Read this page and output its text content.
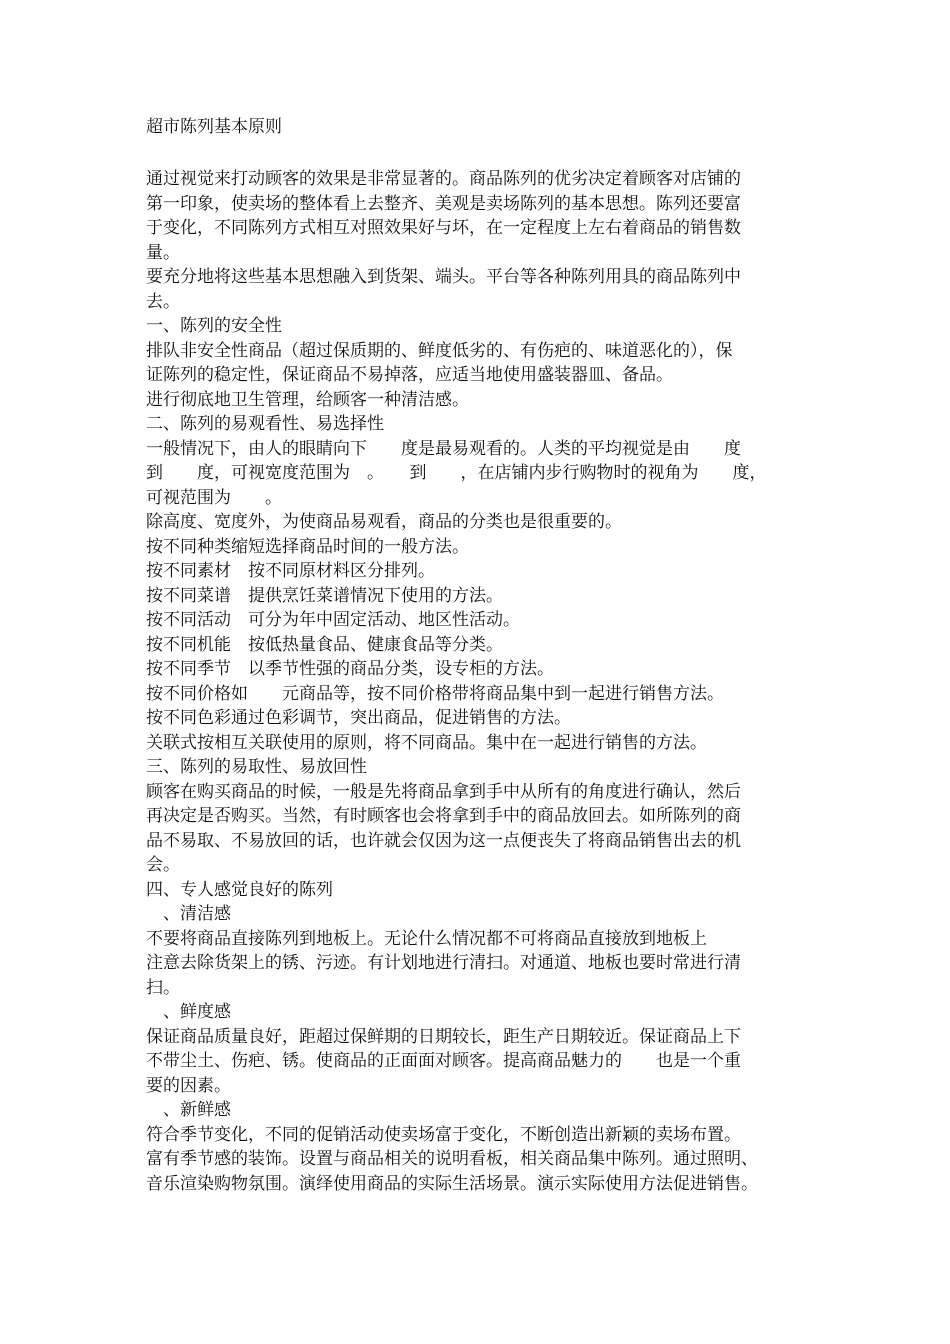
超市陈列基本原则
通过视觉来打动顾客的效果是非常显著的。商品陈列的优劣决定着顾客对店铺的
第一印象，使卖场的整体看上去整齐、美观是卖场陈列的基本思想。陈列还要富
于变化，不同陈列方式相互对照效果好与坏，在一定程度上左右着商品的销售数
量。
要充分地将这些基本思想融入到货架、端头。平台等各种陈列用具的商品陈列中
去。
一、陈列的安全性
排队非安全性商品（超过保质期的、鲜度低劣的、有伤疤的、味道恶化的），保
证陈列的稳定性，保证商品不易掉落，应适当地使用盛装器皿、备品。
进行彻底地卫生管理，给顾客一种清洁感。
二、陈列的易观看性、易选择性
一般情况下，由人的眼睛向下　　度是最易观看的。人类的平均视觉是由　　度
到　　度，可视宽度范围为　。　　到　　，在店铺内步行购物时的视角为　　度，
可视范围为　　。
除高度、宽度外，为使商品易观看，商品的分类也是很重要的。
按不同种类缩短选择商品时间的一般方法。
按不同素材　按不同原材料区分排列。
按不同菜谱　提供烹饪菜谱情况下使用的方法。
按不同活动　可分为年中固定活动、地区性活动。
按不同机能　按低热量食品、健康食品等分类。
按不同季节　以季节性强的商品分类，设专柜的方法。
按不同价格如　　元商品等，按不同价格带将商品集中到一起进行销售方法。
按不同色彩通过色彩调节，突出商品，促进销售的方法。
关联式按相互关联使用的原则，将不同商品。集中在一起进行销售的方法。
三、陈列的易取性、易放回性
顾客在购买商品的时候，一般是先将商品拿到手中从所有的角度进行确认，然后
再决定是否购买。当然，有时顾客也会将拿到手中的商品放回去。如所陈列的商
品不易取、不易放回的话，也许就会仅因为这一点便丧失了将商品销售出去的机
会。
四、专人感觉良好的陈列
　、清洁感
不要将商品直接陈列到地板上。无论什么情况都不可将商品直接放到地板上
注意去除货架上的锈、污迹。有计划地进行清扫。对通道、地板也要时常进行清
扫。
　、鲜度感
保证商品质量良好，距超过保鲜期的日期较长，距生产日期较近。保证商品上下
不带尘土、伤疤、锈。使商品的正面面对顾客。提高商品魅力的　　也是一个重
要的因素。
　、新鲜感
符合季节变化，不同的促销活动使卖场富于变化，不断创造出新颖的卖场布置。
富有季节感的装饰。设置与商品相关的说明看板，相关商品集中陈列。通过照明、
音乐渲染购物氛围。演绎使用商品的实际生活场景。演示实际使用方法促进销售。
